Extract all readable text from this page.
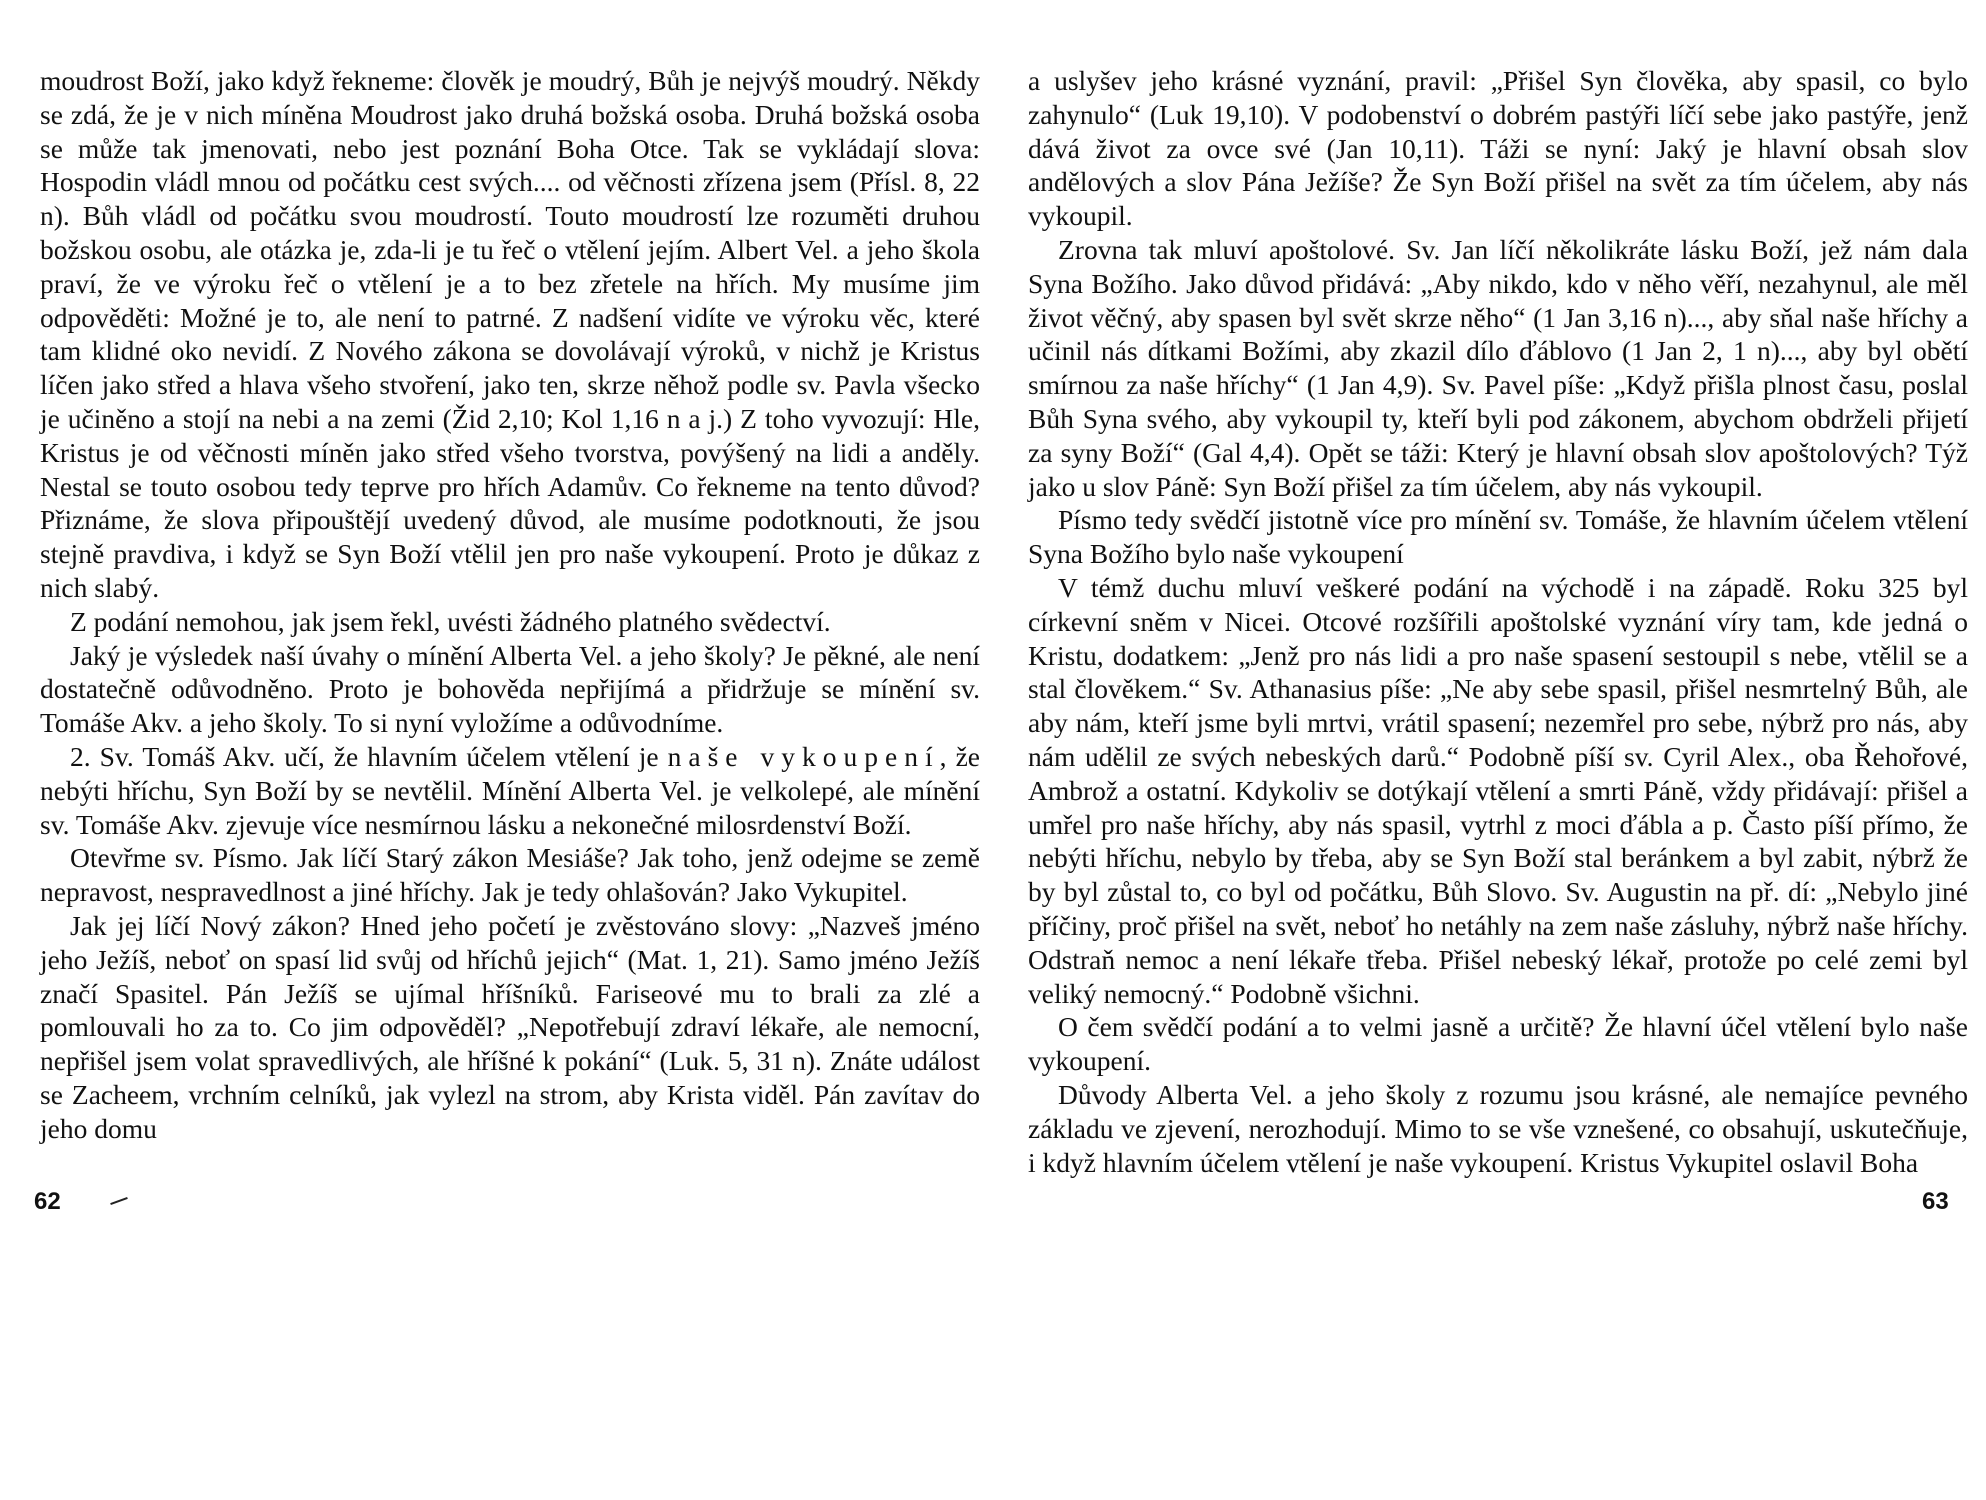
moudrost Boží, jako když řekneme: člověk je moudrý, Bůh je nejvýš moudrý. Někdy se zdá, že je v nich míněna Moudrost jako druhá božská osoba. Druhá božská osoba se může tak jmenovati, nebo jest poznání Boha Otce. Tak se vykládají slova: Hospodin vládl mnou od počátku cest svých.... od věčnosti zřízena jsem (Přísl. 8, 22 n). Bůh vládl od počátku svou moudrostí. Touto moudrostí lze rozuměti druhou božskou osobu, ale otázka je, zda-li je tu řeč o vtělení jejím. Albert Vel. a jeho škola praví, že ve výroku řeč o vtělení je a to bez zřetele na hřích. My musíme jim odpověděti: Možné je to, ale není to patrné. Z nadšení vidíte ve výroku věc, které tam klidné oko nevidí. Z Nového zákona se dovolávají výroků, v nichž je Kristus líčen jako střed a hlava všeho stvoření, jako ten, skrze něhož podle sv. Pavla všecko je učiněno a stojí na nebi a na zemi (Žid 2,10; Kol 1,16 n a j.) Z toho vyvozují: Hle, Kristus je od věčnosti míněn jako střed všeho tvorstva, povýšený na lidi a anděly. Nestal se touto osobou tedy teprve pro hřích Adamův. Co řekneme na tento důvod? Přiznáme, že slova připouštějí uvedený důvod, ale musíme podotknouti, že jsou stejně pravdiva, i když se Syn Boží vtělil jen pro naše vykoupení. Proto je důkaz z nich slabý.

Z podání nemohou, jak jsem řekl, uvésti žádného platného svědectví.

Jaký je výsledek naší úvahy o mínění Alberta Vel. a jeho školy? Je pěkné, ale není dostatečně odůvodněno. Proto je bohověda nepřijímá a přidržuje se mínění sv. Tomáše Akv. a jeho školy. To si nyní vyložíme a odůvodníme.

2. Sv. Tomáš Akv. učí, že hlavním účelem vtělení je naše vykoupení, že nebýti hříchu, Syn Boží by se nevtělil. Mínění Alberta Vel. je velkolepé, ale mínění sv. Tomáše Akv. zjevuje více nesmírnou lásku a nekonečné milosrdenství Boží.

Otevřme sv. Písmo. Jak líčí Starý zákon Mesiáše? Jak toho, jenž odejme se země nepravost, nespravedlnost a jiné hříchy. Jak je tedy ohlašován? Jako Vykupitel.

Jak jej líčí Nový zákon? Hned jeho početí je zvěstováno slovy: „Nazveš jméno jeho Ježíš, neboť on spasí lid svůj od hříchů jejich“ (Mat. 1, 21). Samo jméno Ježíš značí Spasitel. Pán Ježíš se ujímal hříšníků. Fariseové mu to brali za zlé a pomlouvali ho za to. Co jim odpověděl? „Nepotřebují zdraví lékaře, ale nemocní, nepřišel jsem volat spravedlivých, ale hříšné k pokání“ (Luk. 5, 31 n). Znáte událost se Zacheem, vrchním celníků, jak vylezl na strom, aby Krista viděl. Pán zavítav do jeho domu

a uslyšev jeho krásné vyznání, pravil: „Přišel Syn člověka, aby spasil, co bylo zahynulo“ (Luk 19,10). V podobenství o dobrém pastýři líčí sebe jako pastýře, jenž dává život za ovce své (Jan 10,11). Táži se nyní: Jaký je hlavní obsah slov andělových a slov Pána Ježíše? Že Syn Boží přišel na svět za tím účelem, aby nás vykoupil.

Zrovna tak mluví apoštolové. Sv. Jan líčí několikráte lásku Boží, jež nám dala Syna Božího. Jako důvod přidává: „Aby nikdo, kdo v něho věří, nezahynul, ale měl život věčný, aby spasen byl svět skrze něho“ (1 Jan 3,16 n)..., aby sňal naše hříchy a učinil nás dítkami Božími, aby zkazil dílo ďáblovo (1 Jan 2, 1 n)..., aby byl obětí smírnou za naše hříchy“ (1 Jan 4,9). Sv. Pavel píše: „Když přišla plnost času, poslal Bůh Syna svého, aby vykoupil ty, kteří byli pod zákonem, abychom obdrželi přijetí za syny Boží“ (Gal 4,4). Opět se táži: Který je hlavní obsah slov apoštolových? Týž jako u slov Páně: Syn Boží přišel za tím účelem, aby nás vykoupil.

Písmo tedy svědčí jistotně více pro mínění sv. Tomáše, že hlavním účelem vtělení Syna Božího bylo naše vykoupení

V témž duchu mluví veškeré podání na východě i na západě. Roku 325 byl církevní sněm v Nicei. Otcové rozšířili apoštolské vyznání víry tam, kde jedná o Kristu, dodatkem: „Jenž pro nás lidi a pro naše spasení sestoupil s nebe, vtělil se a stal člověkem.“ Sv. Athanasius píše: „Ne aby sebe spasil, přišel nesmrtelný Bůh, ale aby nám, kteří jsme byli mrtvi, vrátil spasení; nezemřel pro sebe, nýbrž pro nás, aby nám udělil ze svých nebeských darů.“ Podobně píší sv. Cyril Alex., oba Řehořové, Ambrož a ostatní. Kdykoliv se dotýkají vtělení a smrti Páně, vždy přidávají: přišel a umřel pro naše hříchy, aby nás spasil, vytrhl z moci ďábla a p. Často píší přímo, že nebýti hříchu, nebylo by třeba, aby se Syn Boží stal beránkem a byl zabit, nýbrž že by byl zůstal to, co byl od počátku, Bůh Slovo. Sv. Augustin na př. dí: „Nebylo jiné příčiny, proč přišel na svět, neboť ho netáhly na zem naše zásluhy, nýbrž naše hříchy. Odstraň nemoc a není lékaře třeba. Přišel nebeský lékař, protože po celé zemi byl veliký nemocný.“ Podobně všichni.

O čem svědčí podání a to velmi jasně a určitě? Že hlavní účel vtělení bylo naše vykoupení.

Důvody Alberta Vel. a jeho školy z rozumu jsou krásné, ale nemajíce pevného základu ve zjevení, nerozhodují. Mimo to se vše vznešené, co obsahují, uskutečňuje, i když hlavním účelem vtělení je naše vykoupení. Kristus Vykupitel oslavil Boha

62	63
